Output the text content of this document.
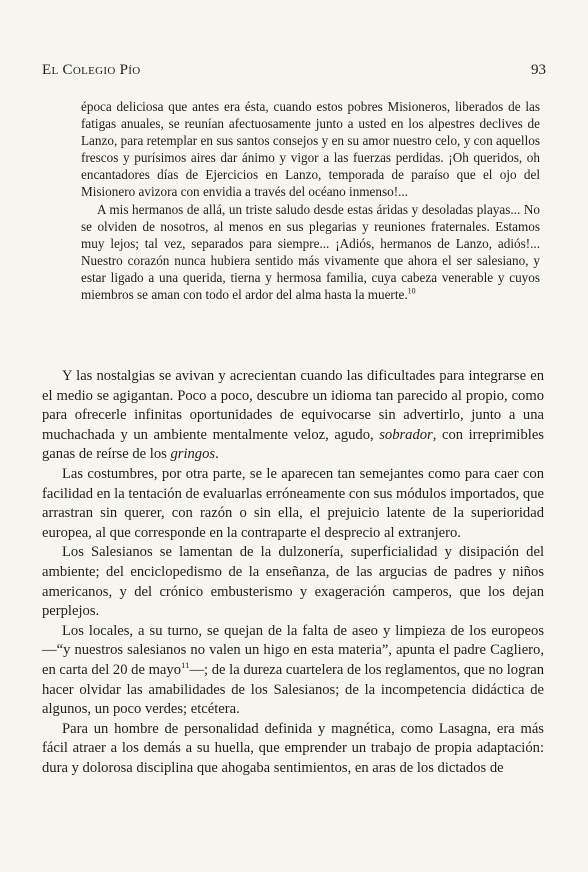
El Colegio Pío	93

época deliciosa que antes era ésta, cuando estos pobres Misioneros, liberados de las fatigas anuales, se reunían afectuosamente junto a usted en los alpestres declives de Lanzo, para retemplar en sus santos consejos y en su amor nuestro celo, y con aquellos frescos y purísimos aires dar ánimo y vigor a las fuerzas perdidas. ¡Oh queridos, oh encantadores días de Ejercicios en Lanzo, temporada de paraíso que el ojo del Misionero avizora con envidia a través del océano inmenso!...

A mis hermanos de allá, un triste saludo desde estas áridas y desoladas playas... No se olviden de nosotros, al menos en sus plegarias y reuniones fraternales. Estamos muy lejos; tal vez, separados para siempre... ¡Adiós, hermanos de Lanzo, adiós!... Nuestro corazón nunca hubiera sentido más vivamente que ahora el ser salesiano, y estar ligado a una querida, tierna y hermosa familia, cuya cabeza venerable y cuyos miembros se aman con todo el ardor del alma hasta la muerte.$^{10}$

Y las nostalgias se avivan y acrecientan cuando las dificultades para integrarse en el medio se agigantan. Poco a poco, descubre un idioma tan parecido al propio, como para ofrecerle infinitas oportunidades de equivocarse sin advertirlo, junto a una muchachada y un ambiente mentalmente veloz, agudo, sobrador, con irreprimibles ganas de reírse de los gringos.

Las costumbres, por otra parte, se le aparecen tan semejantes como para caer con facilidad en la tentación de evaluarlas erróneamente con sus módulos importados, que arrastran sin querer, con razón o sin ella, el prejuicio latente de la superioridad europea, al que corresponde en la contraparte el desprecio al extranjero.

Los Salesianos se lamentan de la dulzonería, superficialidad y disipación del ambiente; del enciclopedismo de la enseñanza, de las argucias de padres y niños americanos, y del crónico embusterismo y exageración camperos, que los dejan perplejos.

Los locales, a su turno, se quejan de la falta de aseo y limpieza de los europeos —“y nuestros salesianos no valen un higo en esta materia”, apunta el padre Cagliero, en carta del 20 de mayo$^{11}$—; de la dureza cuartelera de los reglamentos, que no logran hacer olvidar las amabilidades de los Salesianos; de la incompetencia didáctica de algunos, un poco verdes; etcétera.

Para un hombre de personalidad definida y magnética, como Lasagna, era más fácil atraer a los demás a su huella, que emprender un trabajo de propia adaptación: dura y dolorosa disciplina que ahogaba sentimientos, en aras de los dictados de
